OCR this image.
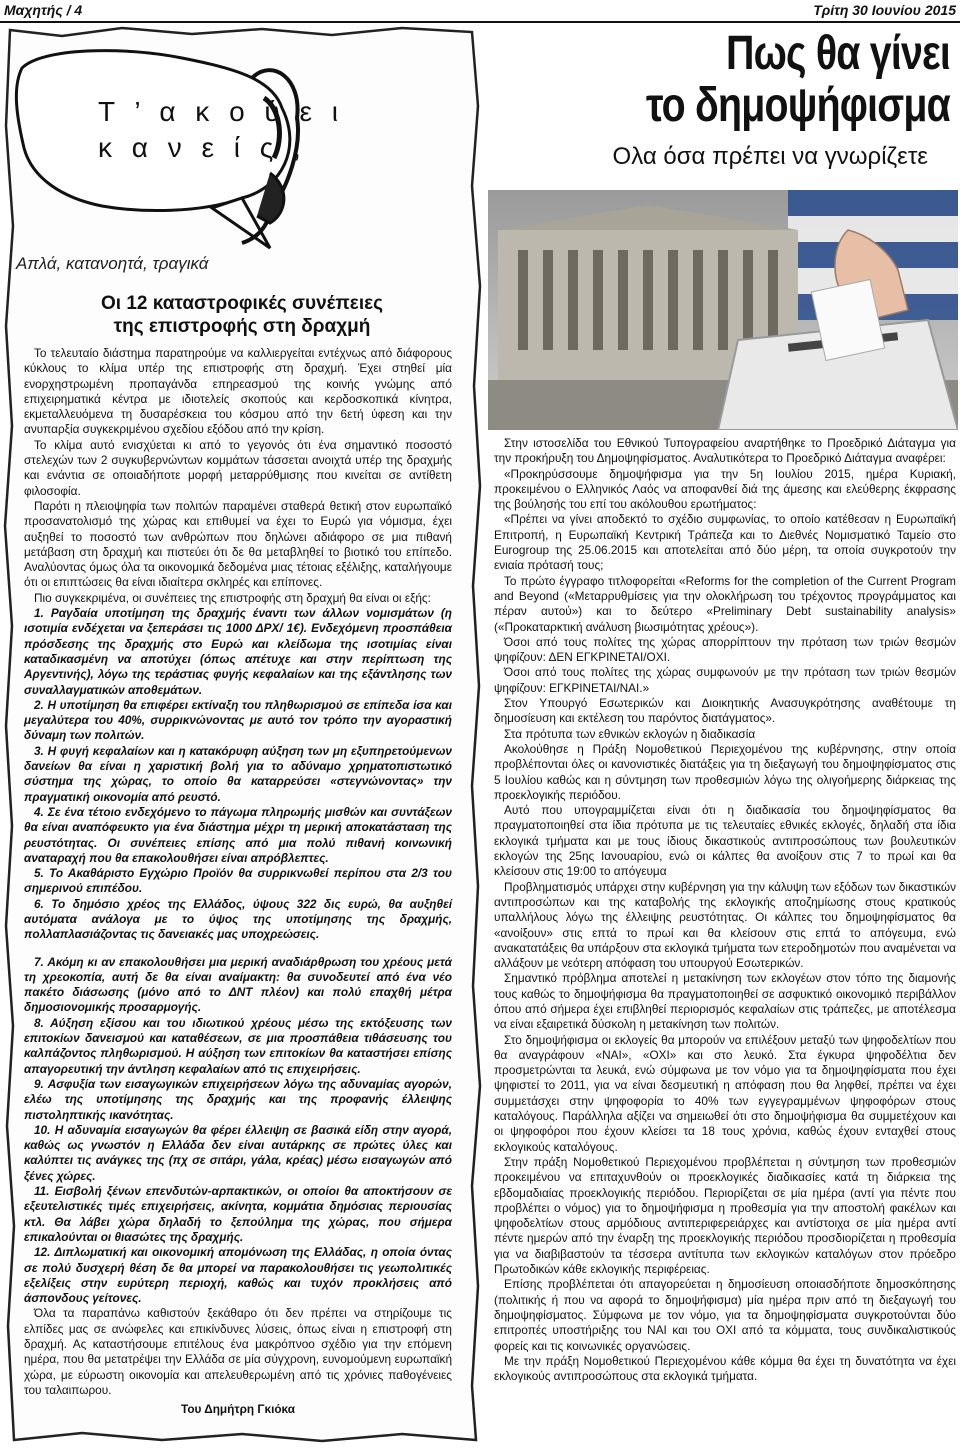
Μαχητής / 4	Τρίτη 30 Ιουνίου 2015
Τ ’ α κ ο ύ ε ι
κ α ν ε ί ς ;
Απλά, κατανοητά, τραγικά
Οι 12 καταστροφικές συνέπειες
της επιστροφής στη δραχμή

Το τελευταίο διάστημα παρατηρούμε να καλλιεργείται εντέχνως από διάφορους κύκλους το κλίμα υπέρ της επιστροφής στη δραχμή. Έχει στηθεί μία ενορχηστρωμένη προπαγάνδα επηρεασμού της κοινής γνώμης από επιχειρηματικά κέντρα με ιδιοτελείς σκοπούς και κερδοσκοπικά κίνητρα, εκμεταλλευόμενα τη δυσαρέσκεια του κόσμου από την 6ετή ύφεση και την ανυπαρξία συγκεκριμένου σχεδίου εξόδου από την κρίση.

Το κλίμα αυτό ενισχύεται κι από το γεγονός ότι ένα σημαντικό ποσοστό στελεχών των 2 συγκυβερνώντων κομμάτων τάσσεται ανοιχτά υπέρ της δραχμής και ενάντια σε οποιαδήποτε μορφή μεταρρύθμισης που κινείται σε αντίθετη φιλοσοφία.

Παρότι η πλειοψηφία των πολιτών παραμένει σταθερά θετική στον ευρωπαϊκό προσανατολισμό της χώρας και επιθυμεί να έχει το Ευρώ για νόμισμα, έχει αυξηθεί το ποσοστό των ανθρώπων που δηλώνει αδιάφορο σε μια πιθανή μετάβαση στη δραχμή και πιστεύει ότι δε θα μεταβληθεί το βιοτικό του επίπεδο. Αναλύοντας όμως όλα τα οικονομικά δεδομένα μιας τέτοιας εξέλιξης, καταλήγουμε ότι οι επιπτώσεις θα είναι ιδιαίτερα σκληρές και επίπονες.

Πιο συγκεκριμένα, οι συνέπειες της επιστροφής στη δραχμή θα είναι οι εξής:

1. Ραγδαία υποτίμηση της δραχμής έναντι των άλλων νομισμάτων (η ισοτιμία ενδέχεται να ξεπεράσει τις 1000 ΔΡΧ/ 1€). Ενδεχόμενη προσπάθεια πρόσδεσης της δραχμής στο Ευρώ και κλείδωμα της ισοτιμίας είναι καταδικασμένη να αποτύχει (όπως απέτυχε και στην περίπτωση της Αργεντινής), λόγω της τεράστιας φυγής κεφαλαίων και της εξάντλησης των συναλλαγματικών αποθεμάτων.

2. Η υποτίμηση θα επιφέρει εκτίναξη του πληθωρισμού σε επίπεδα ίσα και μεγαλύτερα του 40%, συρρικνώνοντας με αυτό τον τρόπο την αγοραστική δύναμη των πολιτών.

3. Η φυγή κεφαλαίων και η κατακόρυφη αύξηση των μη εξυπηρετούμενων δανείων θα είναι η χαριστική βολή για το αδύναμο χρηματοπιστωτικό σύστημα της χώρας, το οποίο θα καταρρεύσει «στεγνώνοντας» την πραγματική οικονομία από ρευστό.

4. Σε ένα τέτοιο ενδεχόμενο το πάγωμα πληρωμής μισθών και συντάξεων θα είναι αναπόφευκτο για ένα διάστημα μέχρι τη μερική αποκατάσταση της ρευστότητας. Οι συνέπειες επίσης από μια πολύ πιθανή κοινωνική αναταραχή που θα επακολουθήσει είναι απρόβλεπτες.

5. Το Ακαθάριστο Εγχώριο Προϊόν θα συρρικνωθεί περίπου στα 2/3 του σημερινού επιπέδου.

6. Το δημόσιο χρέος της Ελλάδος, ύψους 322 δις ευρώ, θα αυξηθεί αυτόματα ανάλογα με το ύψος της υποτίμησης της δραχμής, πολλαπλασιάζοντας τις δανειακές μας υποχρεώσεις.

7. Ακόμη κι αν επακολουθήσει μια μερική αναδιάρθρωση του χρέους μετά τη χρεοκοπία, αυτή δε θα είναι αναίμακτη: θα συνοδευτεί από ένα νέο πακέτο διάσωσης (μόνο από το ΔΝΤ πλέον) και πολύ επαχθή μέτρα δημοσιονομικής προσαρμογής.

8. Αύξηση εξίσου και του ιδιωτικού χρέους μέσω της εκτόξευσης των επιτοκίων δανεισμού και καταθέσεων, σε μια προσπάθεια τιθάσευσης του καλπάζοντος πληθωρισμού. Η αύξηση των επιτοκίων θα καταστήσει επίσης απαγορευτική την άντληση κεφαλαίων από τις επιχειρήσεις.

9. Ασφυξία των εισαγωγικών επιχειρήσεων λόγω της αδυναμίας αγορών, ελέω της υποτίμησης της δραχμής και της προφανής έλλειψης πιστοληπτικής ικανότητας.

10. Η αδυναμία εισαγωγών θα φέρει έλλειψη σε βασικά είδη στην αγορά, καθώς ως γνωστόν η Ελλάδα δεν είναι αυτάρκης σε πρώτες ύλες και καλύπτει τις ανάγκες της (πχ σε σιτάρι, γάλα, κρέας) μέσω εισαγωγών από ξένες χώρες.

11. Εισβολή ξένων επενδυτών-αρπακτικών, οι οποίοι θα αποκτήσουν σε εξευτελιστικές τιμές επιχειρήσεις, ακίνητα, κομμάτια δημόσιας περιουσίας κτλ. Θα λάβει χώρα δηλαδή το ξεπούλημα της χώρας, που σήμερα επικαλούνται οι θιασώτες της δραχμής.

12. Διπλωματική και οικονομική απομόνωση της Ελλάδας, η οποία όντας σε πολύ δυσχερή θέση δε θα μπορεί να παρακολουθήσει τις γεωπολιτικές εξελίξεις στην ευρύτερη περιοχή, καθώς και τυχόν προκλήσεις από άσπονδους γείτονες.

Όλα τα παραπάνω καθιστούν ξεκάθαρο ότι δεν πρέπει να στηρίζουμε τις ελπίδες μας σε ανώφελες και επικίνδυνες λύσεις, όπως είναι η επιστροφή στη δραχμή. Ας καταστήσουμε επιτέλους ένα μακρόπνοο σχέδιο για την επόμενη ημέρα, που θα μετατρέψει την Ελλάδα σε μία σύγχρονη, ευνομούμενη ευρωπαϊκή χώρα, με εύρωστη οικονομία και απελευθερωμένη από τις χρόνιες παθογένειες του ταλαιπωρου.

Του Δημήτρη Γκιόκα

Πως θα γίνει
το δημοψήφισμα
Ολα όσα πρέπει να γνωρίζετε

Στην ιστοσελίδα του Εθνικού Τυπογραφείου αναρτήθηκε το Προεδρικό Διάταγμα για την προκήρυξη του Δημοψηφίσματος. Αναλυτικότερα το Προεδρικό Διάταγμα αναφέρει:

«Προκηρύσσουμε δημοψήφισμα για την 5η Ιουλίου 2015, ημέρα Κυριακή, προκειμένου ο Ελληνικός Λαός να αποφανθεί διά της άμεσης και ελεύθερης έκφρασης της βούλησής του επί του ακόλουθου ερωτήματος:

«Πρέπει να γίνει αποδεκτό το σχέδιο συμφωνίας, το οποίο κατέθεσαν η Ευρωπαϊκή Επιτροπή, η Ευρωπαϊκή Κεντρική Τράπεζα και το Διεθνές Νομισματικό Ταμείο στο Eurogroup της 25.06.2015 και αποτελείται από δύο μέρη, τα οποία συγκροτούν την ενιαία πρότασή τους;

Το πρώτο έγγραφο τιτλοφορείται «Reforms for the completion of the Current Program and Beyond («Μεταρρυθμίσεις για την ολοκλήρωση του τρέχοντος προγράμματος και πέραν αυτού») και το δεύτερο «Preliminary Debt sustainability analysis» («Προκαταρκτική ανάλυση βιωσιμότητας χρέους»).

Όσοι από τους πολίτες της χώρας απορρίπτουν την πρόταση των τριών θεσμών ψηφίζουν: ΔΕΝ ΕΓΚΡΙΝΕΤΑΙ/ΟΧΙ.

Όσοι από τους πολίτες της χώρας συμφωνούν με την πρόταση των τριών θεσμών ψηφίζουν: ΕΓΚΡΙΝΕΤΑΙ/ΝΑΙ.»

Στον Υπουργό Εσωτερικών και Διοικητικής Ανασυγκρότησης αναθέτουμε τη δημοσίευση και εκτέλεση του παρόντος διατάγματος».

Στα πρότυπα των εθνικών εκλογών η διαδικασία

Ακολούθησε η Πράξη Νομοθετικού Περιεχομένου της κυβέρνησης, στην οποία προβλέπονται όλες οι κανονιστικές διατάξεις για τη διεξαγωγή του δημοψηφίσματος στις 5 Ιουλίου καθώς και η σύντμηση των προθεσμιών λόγω της ολιγοήμερης διάρκειας της προεκλογικής περιόδου.

Αυτό που υπογραμμίζεται είναι ότι η διαδικασία του δημοψηφίσματος θα πραγματοποιηθεί στα ίδια πρότυπα με τις τελευταίες εθνικές εκλογές, δηλαδή στα ίδια εκλογικά τμήματα και με τους ίδιους δικαστικούς αντιπροσώπους των βουλευτικών εκλογών της 25ης Ιανουαρίου, ενώ οι κάλπες θα ανοίξουν στις 7 το πρωί και θα κλείσουν στις 19:00 το απόγευμα

Προβληματισμός υπάρχει στην κυβέρνηση για την κάλυψη των εξόδων των δικαστικών αντιπροσώπων και της καταβολής της εκλογικής αποζημίωσης στους κρατικούς υπαλλήλους λόγω της έλλειψης ρευστότητας. Οι κάλπες του δημοψηφίσματος θα «ανοίξουν» στις επτά το πρωί και θα κλείσουν στις επτά το απόγευμα, ενώ ανακατατάξεις θα υπάρξουν στα εκλογικά τμήματα των ετεροδημοτών που αναμένεται να αλλάξουν με νεότερη απόφαση του υπουργού Εσωτερικών.

Σημαντικό πρόβλημα αποτελεί η μετακίνηση των εκλογέων στον τόπο της διαμονής τους καθώς το δημοψήφισμα θα πραγματοποιηθεί σε ασφυκτικό οικονομικό περιβάλλον όπου από σήμερα έχει επιβληθεί περιορισμός κεφαλαίων στις τράπεζες, με αποτέλεσμα να είναι εξαιρετικά δύσκολη η μετακίνηση των πολιτών.

Στο δημοψήφισμα οι εκλογείς θα μπορούν να επιλέξουν μεταξύ των ψηφοδελτίων που θα αναγράφουν «ΝΑΙ», «ΟΧΙ» και στο λευκό. Στα έγκυρα ψηφοδέλτια δεν προσμετρώνται τα λευκά, ενώ σύμφωνα με τον νόμο για τα δημοψηφίσματα που έχει ψηφιστεί το 2011, για να είναι δεσμευτική η απόφαση που θα ληφθεί, πρέπει να έχει συμμετάσχει στην ψηφοφορία το 40% των εγγεγραμμένων ψηφοφόρων στους καταλόγους. Παράλληλα αξίζει να σημειωθεί ότι στο δημοψήφισμα θα συμμετέχουν και οι ψηφοφόροι που έχουν κλείσει τα 18 τους χρόνια, καθώς έχουν ενταχθεί στους εκλογικούς καταλόγους.

Στην πράξη Νομοθετικού Περιεχομένου προβλέπεται η σύντμηση των προθεσμιών προκειμένου να επιταχυνθούν οι προεκλογικές διαδικασίες κατά τη διάρκεια της εβδομαδιαίας προεκλογικής περιόδου. Περιορίζεται σε μία ημέρα (αντί για πέντε που προβλέπει ο νόμος) για το δημοψήφισμα η προθεσμία για την αποστολή φακέλων και ψηφοδελτίων στους αρμόδιους αντιπεριφερειάρχες και αντίστοιχα σε μία ημέρα αντί πέντε ημερών από την έναρξη της προεκλογικής περιόδου προσδιορίζεται η προθεσμία για να διαβιβαστούν τα τέσσερα αντίτυπα των εκλογικών καταλόγων στον πρόεδρο Πρωτοδικών κάθε εκλογικής περιφέρειας.

Επίσης προβλέπεται ότι απαγορεύεται η δημοσίευση οποιασδήποτε δημοσκόπησης (πολιτικής ή που να αφορά το δημοψήφισμα) μία ημέρα πριν από τη διεξαγωγή του δημοψηφίσματος. Σύμφωνα με τον νόμο, για τα δημοψηφίσματα συγκροτούνται δύο επιτροπές υποστήριξης του ΝΑΙ και του ΟΧΙ από τα κόμματα, τους συνδικαλιστικούς φορείς και τις κοινωνικές οργανώσεις.

Με την πράξη Νομοθετικού Περιεχομένου κάθε κόμμα θα έχει τη δυνατότητα να έχει εκλογικούς αντιπροσώπους στα εκλογικά τμήματα.
